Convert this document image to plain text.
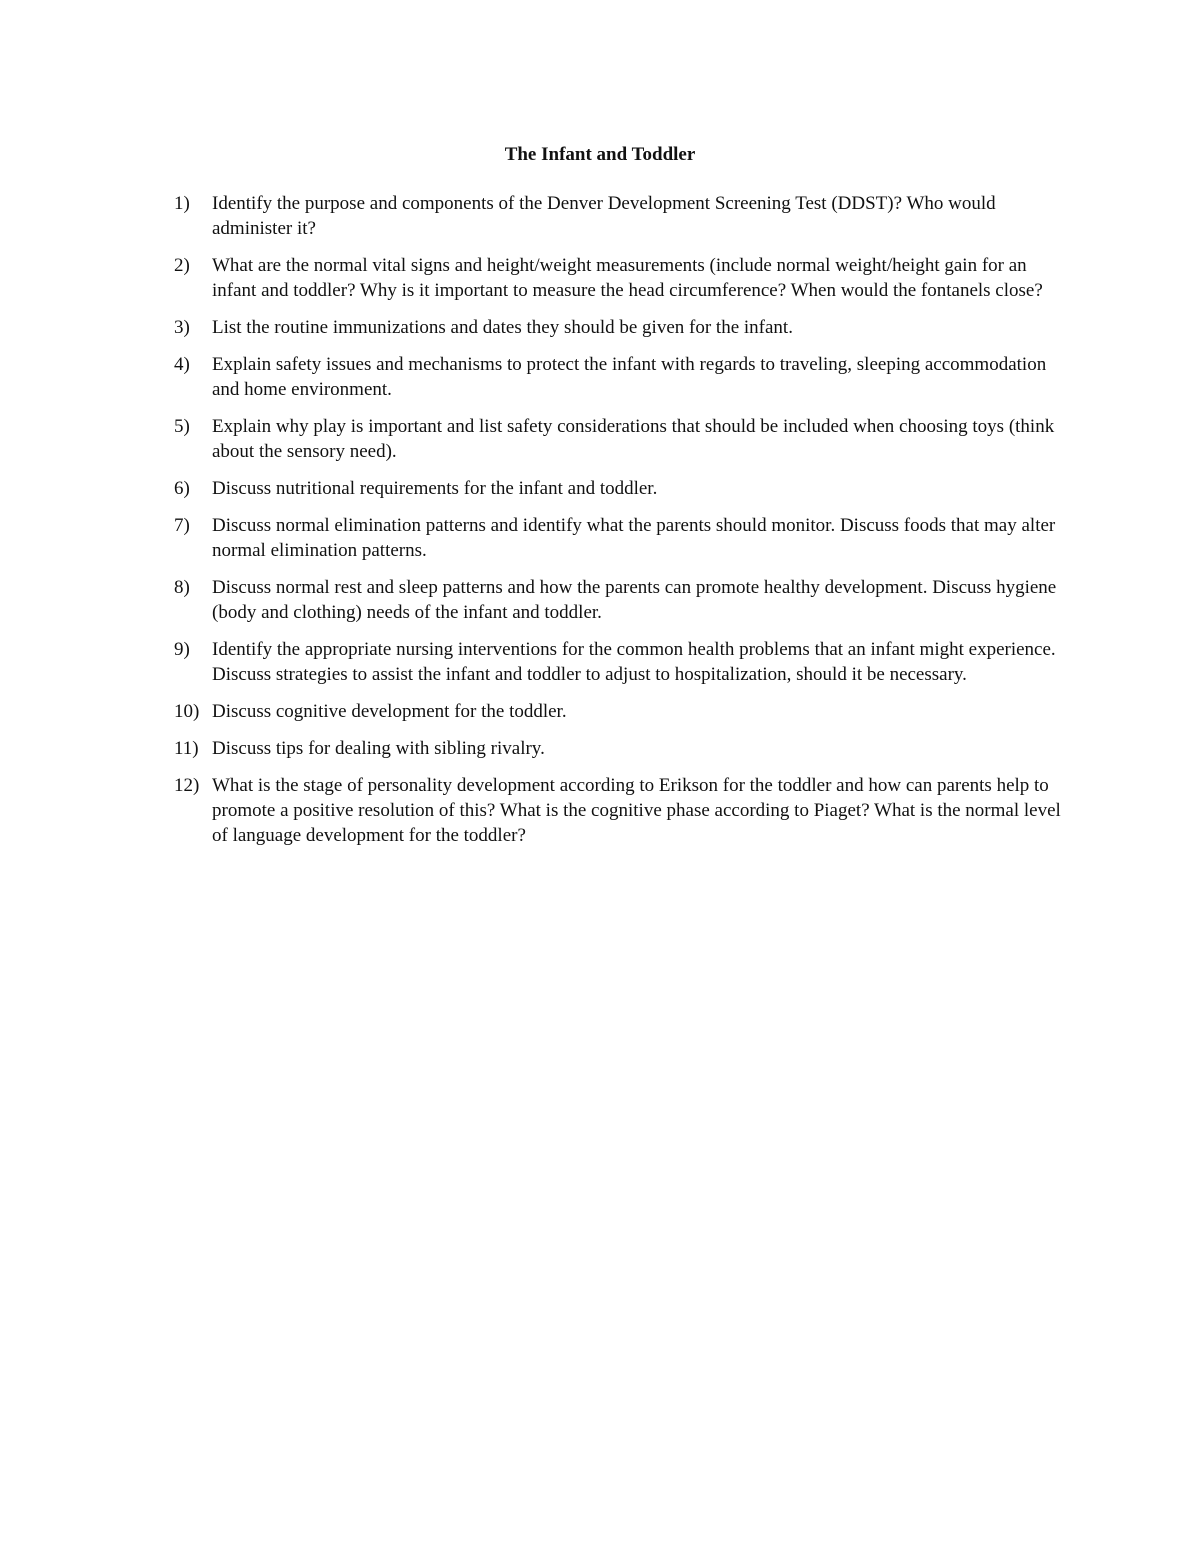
The Infant and Toddler
1)	Identify the purpose and components of the Denver Development Screening Test (DDST)? Who would administer it?
2)	What are the normal vital signs and height/weight measurements (include normal weight/height gain for an infant and toddler? Why is it important to measure the head circumference? When would the fontanels close?
3)	List the routine immunizations and dates they should be given for the infant.
4)	Explain safety issues and mechanisms to protect the infant with regards to traveling, sleeping accommodation and home environment.
5)	Explain why play is important and list safety considerations that should be included when choosing toys (think about the sensory need).
6)	Discuss nutritional requirements for the infant and toddler.
7)	Discuss normal elimination patterns and identify what the parents should monitor. Discuss foods that may alter normal elimination patterns.
8)	Discuss normal rest and sleep patterns and how the parents can promote healthy development. Discuss hygiene (body and clothing) needs of the infant and toddler.
9)	Identify the appropriate nursing interventions for the common health problems that an infant might experience. Discuss strategies to assist the infant and toddler to adjust to hospitalization, should it be necessary.
10) Discuss cognitive development for the toddler.
11) Discuss tips for dealing with sibling rivalry.
12) What is the stage of personality development according to Erikson for the toddler and how can parents help to promote a positive resolution of this? What is the cognitive phase according to Piaget? What is the normal level of language development for the toddler?
